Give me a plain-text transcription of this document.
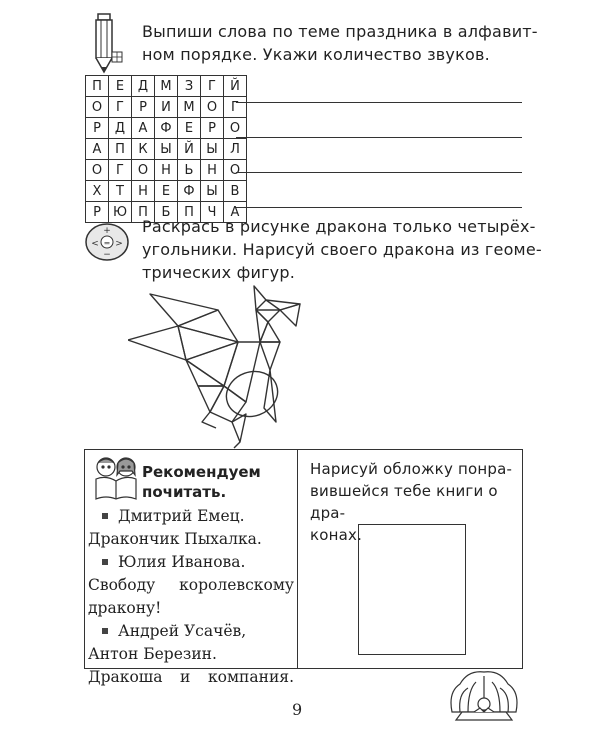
Выпиши слова по теме праздника в алфавит-
ном порядке. Укажи количество звуков.
П	Е	Д	М	З	Г	Й
О	Г	Р	И	М	О	Г
Р	Д	А	Ф	Е	Р	О
А	П	К	Ы	Й	Ы	Л
О	Г	О	Н	Ь	Н	О
Х	Т	Н	Е	Ф	Ы	В
Р	Ю	П	Б	П	Ч	А
+
−
< >
=
Раскрась в рисунке дракона только четырёх-
угольники. Нарисуй своего дракона из геоме-
трических фигур.
Рекомендуем
почитать.
Дмитрий Емец.
Дракончик Пыхалка.
Юлия Иванова.
Свободу королевскому
дракону!
Андрей Усачёв,
Антон Березин.
Дракоша и компания.
Нарисуй обложку понра-
вившейся тебе книги о дра-
конах.
9
